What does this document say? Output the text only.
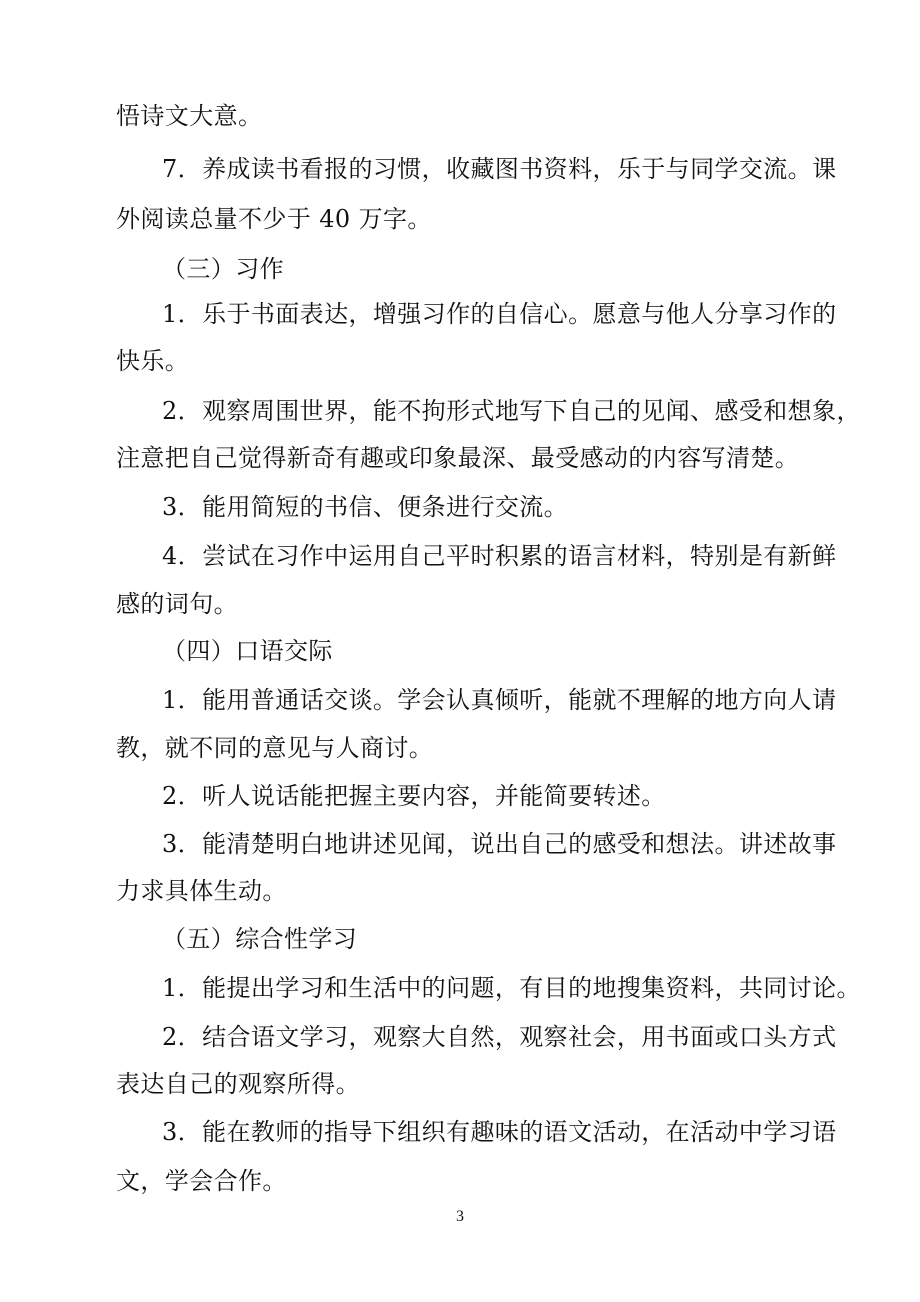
悟诗文大意。
7．养成读书看报的习惯，收藏图书资料，乐于与同学交流。课
外阅读总量不少于 40 万字。
（三）习作
1．乐于书面表达，增强习作的自信心。愿意与他人分享习作的
快乐。
2．观察周围世界，能不拘形式地写下自己的见闻、感受和想象，
注意把自己觉得新奇有趣或印象最深、最受感动的内容写清楚。
3．能用简短的书信、便条进行交流。
4．尝试在习作中运用自己平时积累的语言材料，特别是有新鲜
感的词句。
（四）口语交际
1．能用普通话交谈。学会认真倾听，能就不理解的地方向人请
教，就不同的意见与人商讨。
2．听人说话能把握主要内容，并能简要转述。
3．能清楚明白地讲述见闻，说出自己的感受和想法。讲述故事
力求具体生动。
（五）综合性学习
1．能提出学习和生活中的问题，有目的地搜集资料，共同讨论。
2．结合语文学习，观察大自然，观察社会，用书面或口头方式
表达自己的观察所得。
3．能在教师的指导下组织有趣味的语文活动，在活动中学习语
文，学会合作。
3
